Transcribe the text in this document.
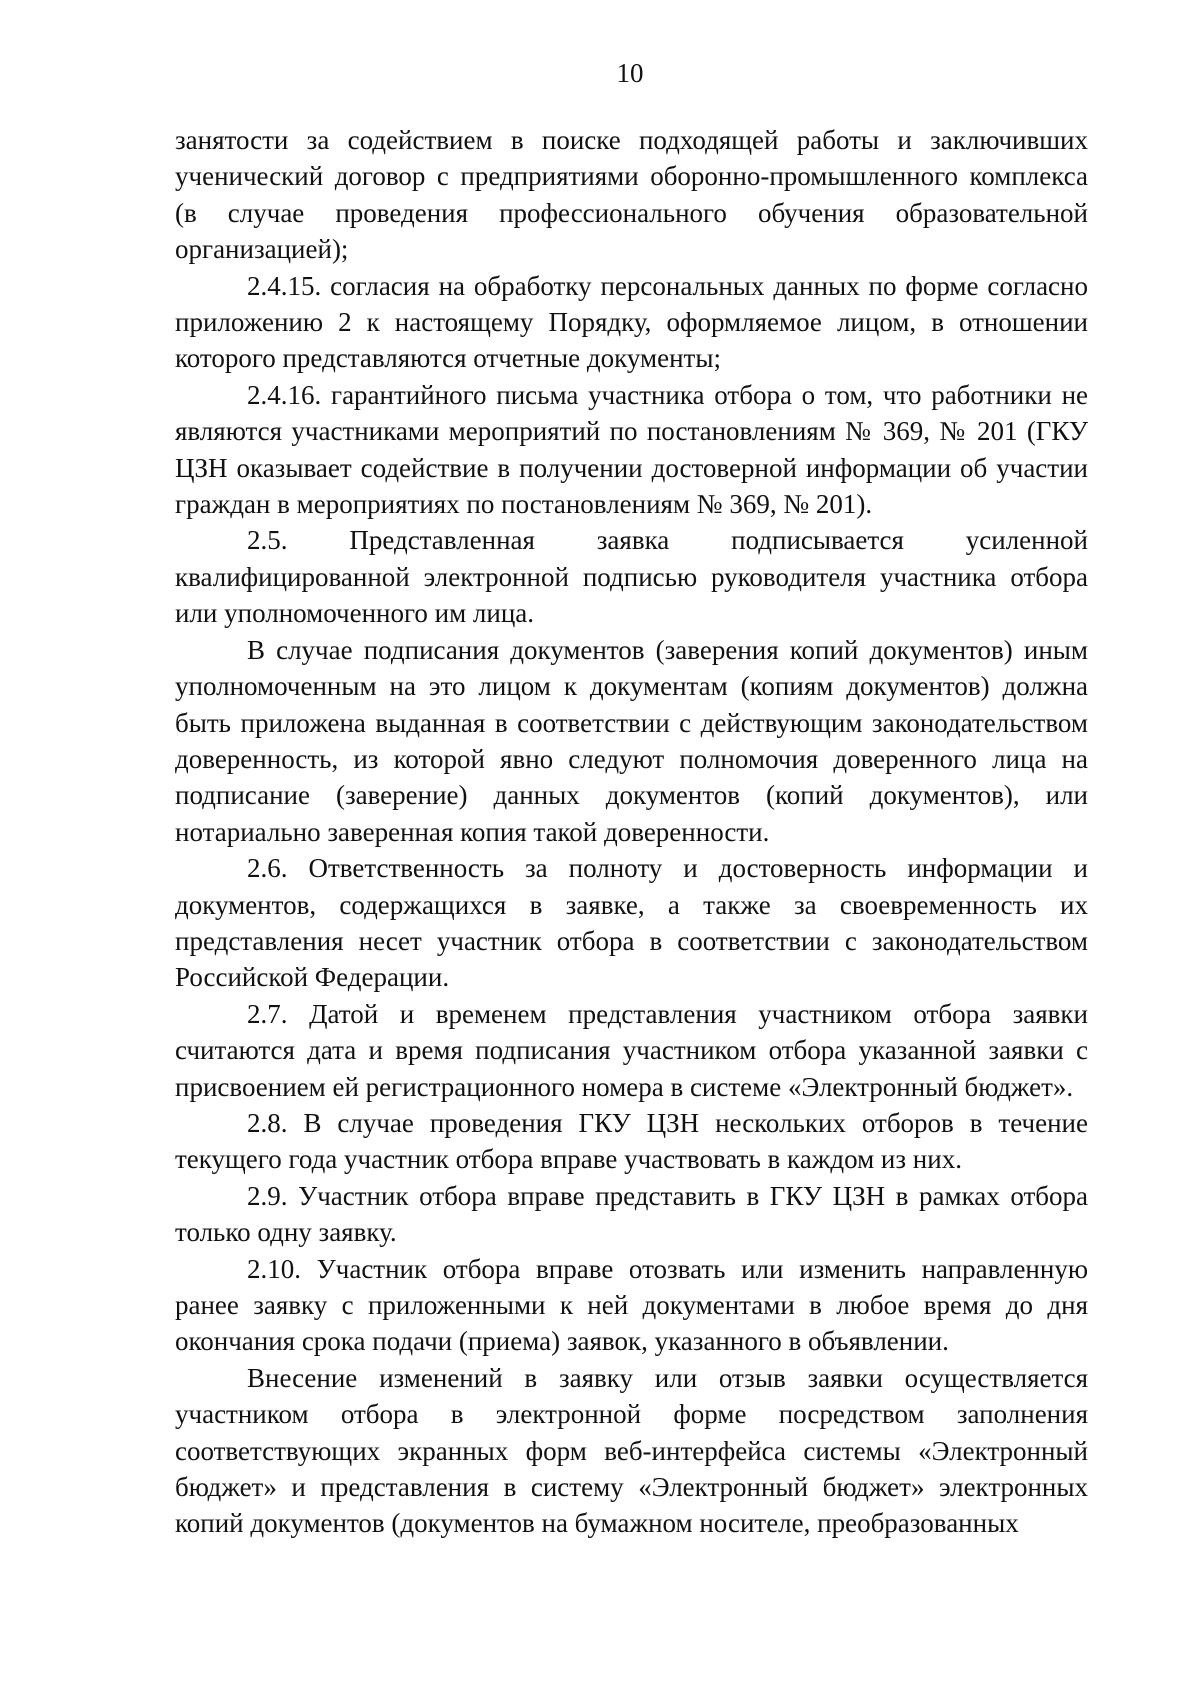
10

занятости за содействием в поиске подходящей работы и заключивших ученический договор с предприятиями оборонно-промышленного комплекса (в случае проведения профессионального обучения образовательной организацией);

2.4.15. согласия на обработку персональных данных по форме согласно приложению 2 к настоящему Порядку, оформляемое лицом, в отношении которого представляются отчетные документы;

2.4.16. гарантийного письма участника отбора о том, что работники не являются участниками мероприятий по постановлениям № 369, № 201 (ГКУ ЦЗН оказывает содействие в получении достоверной информации об участии граждан в мероприятиях по постановлениям № 369, № 201).

2.5. Представленная заявка подписывается усиленной квалифицированной электронной подписью руководителя участника отбора или уполномоченного им лица.

В случае подписания документов (заверения копий документов) иным уполномоченным на это лицом к документам (копиям документов) должна быть приложена выданная в соответствии с действующим законодательством доверенность, из которой явно следуют полномочия доверенного лица на подписание (заверение) данных документов (копий документов), или нотариально заверенная копия такой доверенности.

2.6. Ответственность за полноту и достоверность информации и документов, содержащихся в заявке, а также за своевременность их представления несет участник отбора в соответствии с законодательством Российской Федерации.

2.7. Датой и временем представления участником отбора заявки считаются дата и время подписания участником отбора указанной заявки с присвоением ей регистрационного номера в системе «Электронный бюджет».

2.8. В случае проведения ГКУ ЦЗН нескольких отборов в течение текущего года участник отбора вправе участвовать в каждом из них.

2.9. Участник отбора вправе представить в ГКУ ЦЗН в рамках отбора только одну заявку.

2.10. Участник отбора вправе отозвать или изменить направленную ранее заявку с приложенными к ней документами в любое время до дня окончания срока подачи (приема) заявок, указанного в объявлении.

Внесение изменений в заявку или отзыв заявки осуществляется участником отбора в электронной форме посредством заполнения соответствующих экранных форм веб-интерфейса системы «Электронный бюджет» и представления в систему «Электронный бюджет» электронных копий документов (документов на бумажном носителе, преобразованных
